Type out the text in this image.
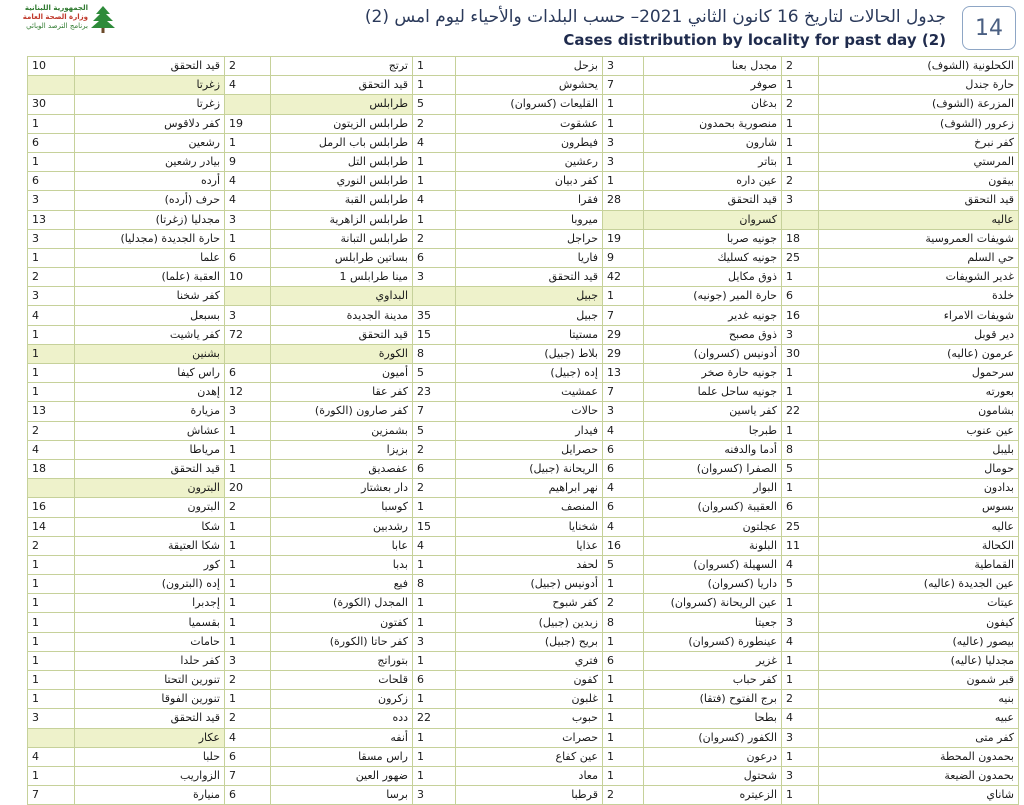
الجمهورية اللبنانية
وزارة الصحة العامة
برنامج الترصد الوبائي	جدول الحالات لتاريخ 16 كانون الثاني 2021– حسب البلدات والأحياء ليوم امس (2)
Cases distribution by locality for past day (2)	14
10	قيد التحقق	2	ترتج	1	بزحل	3	مجدل بعنا	2	الكحلونية (الشوف)
	زغرتا	4	قيد التحقق	1	يحشوش	7	صوفر	1	حارة جندل
30	زغرتا		طرابلس	5	القليعات (كسروان)	1	بدغان	2	المزرعة (الشوف)
1	كفر دلاقوس	19	طرابلس الزيتون	2	عشقوت	1	منصورية بحمدون	1	زعرور (الشوف)
6	رشعين	1	طرابلس باب الرمل	4	فيطرون	3	شارون	1	كفر نبرخ
1	بيادر رشعين	9	طرابلس التل	1	رعشين	3	بتاتر	1	المرستي
6	أرده	4	طرابلس النوري	1	كفر دبيان	1	عين داره	2	بيقون
3	حرف (أرده)	4	طرابلس القبة	4	فقرا	28	قيد التحقق	3	قيد التحقق
13	مجدليا (زغرتا)	3	طرابلس الزاهرية	1	ميروبا		كسروان		عاليه
3	حارة الجديدة (مجدليا)	1	طرابلس التبانة	2	حراجل	19	جونيه صربا	18	شويفات العمروسية
1	علما	6	بساتين طرابلس	6	فاريا	9	جونيه كسليك	25	حي السلم
2	العقبة (علما)	10	مينا طرابلس 1	3	قيد التحقق	42	ذوق مكايل	1	غدير الشويفات
3	كفر شخنا		البداوي		جبيل	1	حارة المير (جونيه)	6	خلدة
4	بسبعل	3	مدينة الجديدة	35	جبيل	7	جونيه غدير	16	شويفات الامراء
1	كفر ياشيت	72	قيد التحقق	15	مستيتا	29	ذوق مصبح	3	دير قوبل
1	بشنين		الكورة	8	بلاط (جبيل)	29	أدونيس (كسروان)	30	عرمون (عاليه)
1	راس كيفا	6	أميون	5	إده (جبيل)	13	جونيه حارة صخر	1	سرحمول
1	إهدن	12	كفر عقا	23	عمشيت	7	جونيه ساحل علما	1	بعورته
13	مزيارة	3	كفر صارون (الكورة)	7	حالات	3	كفر ياسين	22	بشامون
2	عشاش	1	بشمزين	5	فيدار	4	طبرجا	1	عين عنوب
4	مرياطا	1	بزيزا	2	حصرايل	6	أدما والدفنه	8	بليبل
18	قيد التحقق	1	عفصديق	6	الريحانة (جبيل)	6	الصفرا (كسروان)	5	حومال
	البترون	20	دار بعشتار	2	نهر ابراهيم	4	البوار	1	بدادون
16	البترون	2	كوسبا	1	المنصف	6	العقيبة (كسروان)	6	بسوس
14	شكا	1	رشدبين	15	شخنايا	4	عجلتون	25	عاليه
2	شكا العتيقة	1	عابا	4	عذايا	16	البلونة	11	الكحالة
1	كور	1	بدبا	1	لحفد	5	السهيلة (كسروان)	4	القماطية
1	إده (البترون)	1	فيع	8	أدونيس (جبيل)	1	داريا (كسروان)	5	عين الجديدة (عاليه)
1	إجدبرا	1	المجدل (الكورة)	1	كفر شبوح	2	عين الريحانة (كسروان)	1	عيتات
1	بقسميا	1	كفتون	1	زبدين (جبيل)	8	جعيتا	3	كيفون
1	حامات	1	كفر حاتا (الكورة)	3	بريح (جبيل)	1	عينطورة (كسروان)	4	بيصور (عاليه)
1	كفر حلدا	3	بتوراتج	1	فتري	6	غزير	1	مجدليا (عاليه)
1	تنورين التحتا	2	قلحات	6	كفون	1	كفر حباب	1	قبر شمون
1	تنورين الفوقا	1	زكرون	1	غلبون	1	برج الفتوح (فتقا)	2	بنيه
3	قيد التحقق	2	دده	22	حبوب	1	بطحا	4	عبيه
	عكار	4	أنفه	1	حصرات	1	الكفور (كسروان)	3	كفر متى
4	حلبا	6	راس مسقا	1	عين كفاع	1	درعون	1	بحمدون المحطة
1	الزواريب	7	ضهور العين	1	معاد	1	شحتول	3	بحمدون الضيعة
7	منيارة	6	برسا	3	قرطبا	2	الزعيتره	1	شاناي
